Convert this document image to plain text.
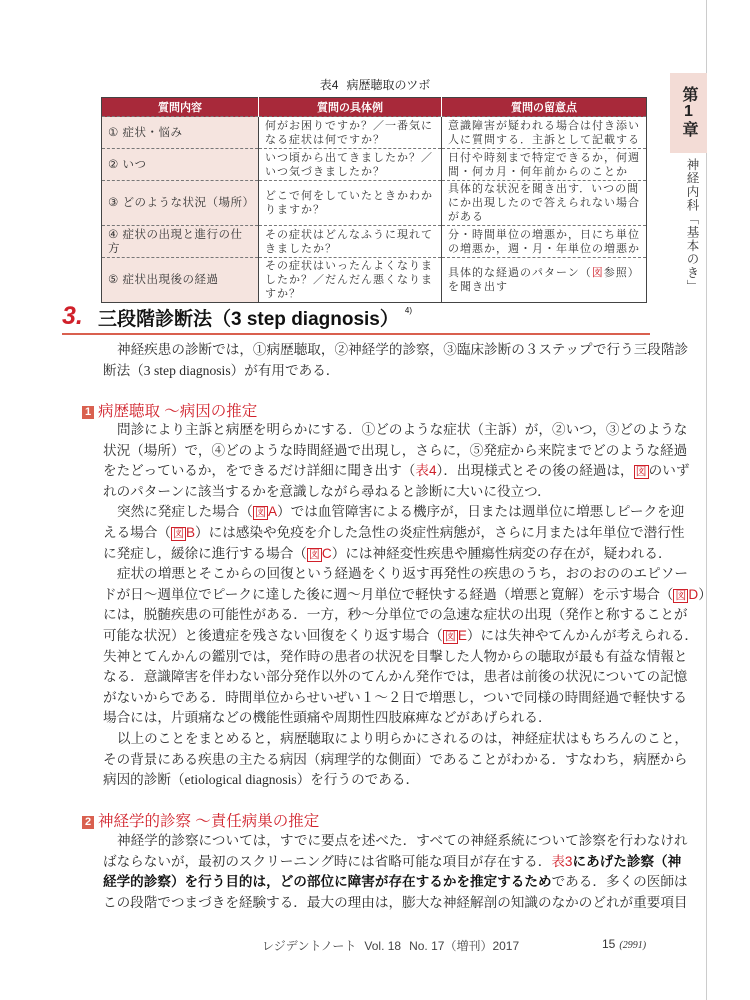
第1章
神経内科「基本のき」
表4 病歴聴取のツボ
質問内容	質問の具体例	質問の留意点
① 症状・悩み	何がお困りですか？／一番気になる症状は何ですか？	意識障害が疑われる場合は付き添い人に質問する．主訴として記載する
② いつ	いつ頃から出てきましたか？／いつ気づきましたか？	日付や時刻まで特定できるか，何週間・何カ月・何年前からのことか
③ どのような状況（場所）	どこで何をしていたときかわかりますか？	具体的な状況を聞き出す．いつの間にか出現したので答えられない場合がある
④ 症状の出現と進行の仕方	その症状はどんなふうに現れてきましたか？	分・時間単位の増悪か，日にち単位の増悪か，週・月・年単位の増悪か
⑤ 症状出現後の経過	その症状はいったんよくなりましたか？／だんだん悪くなりますか？	具体的な経過のパターン（図参照）を聞き出す
3. 三段階診断法（3 step diagnosis） $^{4)}$
1 病歴聴取 ～病因の推定
2 神経学的診察 ～責任病巣の推定
神経疾患の診断では，①病歴聴取，②神経学的診察，③臨床診断の３ステップで行う三段階診
断法（3 step diagnosis）が有用である．
問診により主訴と病歴を明らかにする．①どのような症状（主訴）が，②いつ，③どのような
状況（場所）で，④どのような時間経過で出現し，さらに，⑤発症から来院までどのような経過
をたどっているか，をできるだけ詳細に聞き出す（表4）．出現様式とその後の経過は， 図 のいず
れのパターンに該当するかを意識しながら尋ねると診断に大いに役立つ．
突然に発症した場合（ 図 A）では血管障害による機序が，日または週単位に増悪しピークを迎
える場合（ 図 B）には感染や免疫を介した急性の炎症性病態が，さらに月または年単位で潜行性
に発症し，緩徐に進行する場合（ 図 C）には神経変性疾患や腫瘍性病変の存在が，疑われる．
症状の増悪とそこからの回復という経過をくり返す再発性の疾患のうち，おのおののエピソー
ドが日～週単位でピークに達した後に週～月単位で軽快する経過（増悪と寛解）を示す場合（ 図 D）
には，脱髄疾患の可能性がある．一方，秒～分単位での急速な症状の出現（発作と称することが
可能な状況）と後遺症を残さない回復をくり返す場合（ 図 E）には失神やてんかんが考えられる．
失神とてんかんの鑑別では，発作時の患者の状況を目撃した人物からの聴取が最も有益な情報と
なる．意識障害を伴わない部分発作以外のてんかん発作では，患者は前後の状況についての記憶
がないからである．時間単位からせいぜい１～２日で増悪し，ついで同様の時間経過で軽快する
場合には，片頭痛などの機能性頭痛や周期性四肢麻痺などがあげられる．
以上のことをまとめると，病歴聴取により明らかにされるのは，神経症状はもちろんのこと，
その背景にある疾患の主たる病因（病理学的な側面）であることがわかる．すなわち，病歴から
病因的診断（etiological diagnosis）を行うのである．
神経学的診察については，すでに要点を述べた．すべての神経系統について診察を行わなけれ
ばならないが，最初のスクリーニング時には省略可能な項目が存在する．表3にあげた診察（神
経学的診察）を行う目的は，どの部位に障害が存在するかを推定するためである．多くの医師は
この段階でつまづきを経験する．最大の理由は，膨大な神経解剖の知識のなかのどれが重要項目
レジデントノート Vol. 18 No. 17（増刊）2017	15 (2991)
